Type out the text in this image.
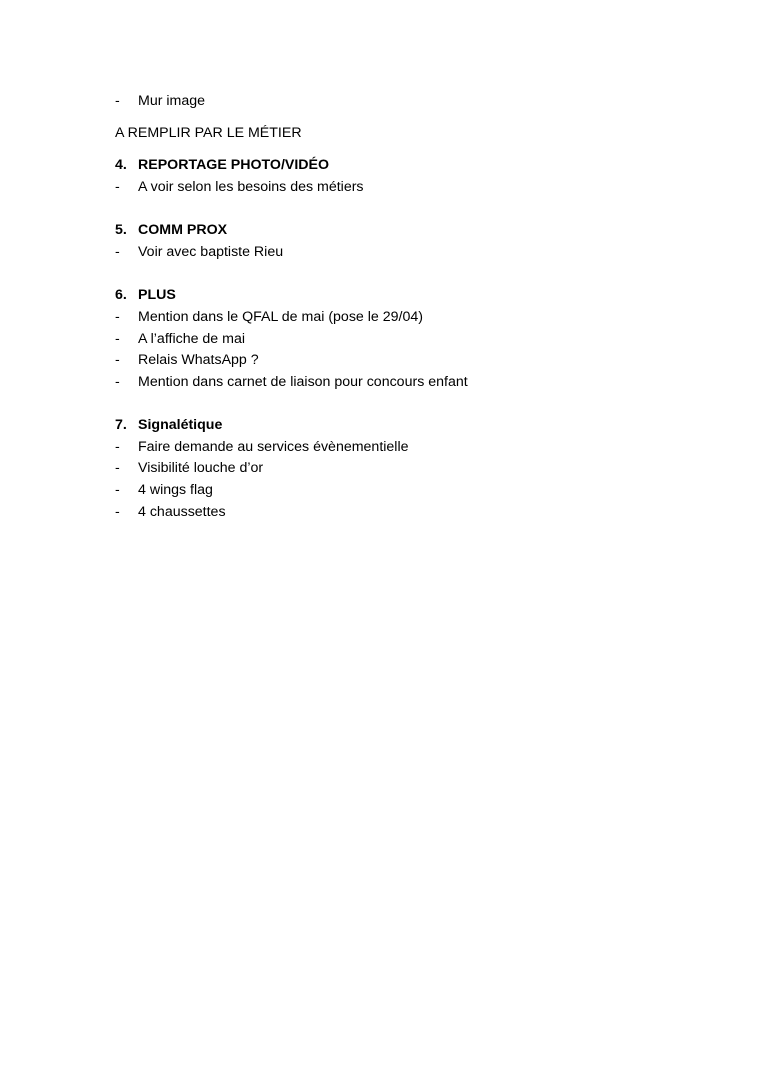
-	Mur image
A REMPLIR PAR LE MÉTIER
4. REPORTAGE PHOTO/VIDÉO
-	A voir selon les besoins des métiers
5. COMM PROX
-	Voir avec baptiste Rieu
6. PLUS
-	Mention dans le QFAL de mai (pose le 29/04)
-	A l’affiche de mai
-	Relais WhatsApp ?
-	Mention dans carnet de liaison pour concours enfant
7. Signalétique
-	Faire demande au services évènementielle
-	Visibilité louche d’or
-	4 wings flag
-	4 chaussettes
